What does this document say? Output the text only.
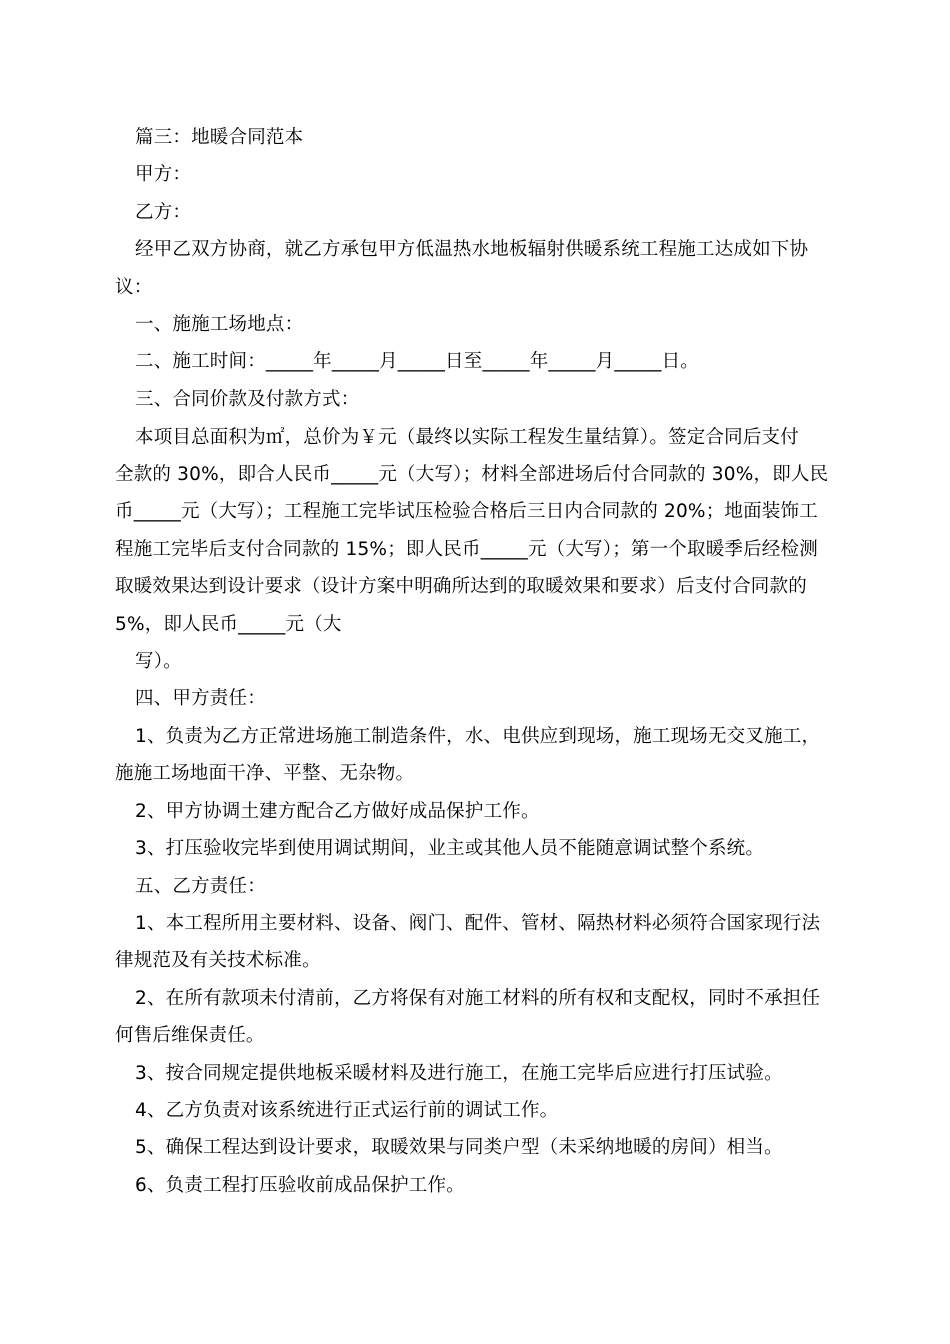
篇三：地暖合同范本
甲方：
乙方：
经甲乙双方协商，就乙方承包甲方低温热水地板辐射供暖系统工程施工达成如下协
议：
一、施施工场地点：
二、施工时间：_____年_____月_____日至_____年_____月_____日。
三、合同价款及付款方式：
本项目总面积为㎡，总价为￥元（最终以实际工程发生量结算）。签定合同后支付
全款的 30%，即合人民币_____元（大写）；材料全部进场后付合同款的 30%，即人民
币_____元（大写）；工程施工完毕试压检验合格后三日内合同款的 20%；地面装饰工
程施工完毕后支付合同款的 15%；即人民币_____元（大写）；第一个取暖季后经检测
取暖效果达到设计要求（设计方案中明确所达到的取暖效果和要求）后支付合同款的
5%，即人民币_____元（大
写）。
四、甲方责任：
1、负责为乙方正常进场施工制造条件，水、电供应到现场，施工现场无交叉施工，
施施工场地面干净、平整、无杂物。
2、甲方协调土建方配合乙方做好成品保护工作。
3、打压验收完毕到使用调试期间，业主或其他人员不能随意调试整个系统。
五、乙方责任：
1、本工程所用主要材料、设备、阀门、配件、管材、隔热材料必须符合国家现行法
律规范及有关技术标准。
2、在所有款项未付清前，乙方将保有对施工材料的所有权和支配权，同时不承担任
何售后维保责任。
3、按合同规定提供地板采暖材料及进行施工，在施工完毕后应进行打压试验。
4、乙方负责对该系统进行正式运行前的调试工作。
5、确保工程达到设计要求，取暖效果与同类户型（未采纳地暖的房间）相当。
6、负责工程打压验收前成品保护工作。
